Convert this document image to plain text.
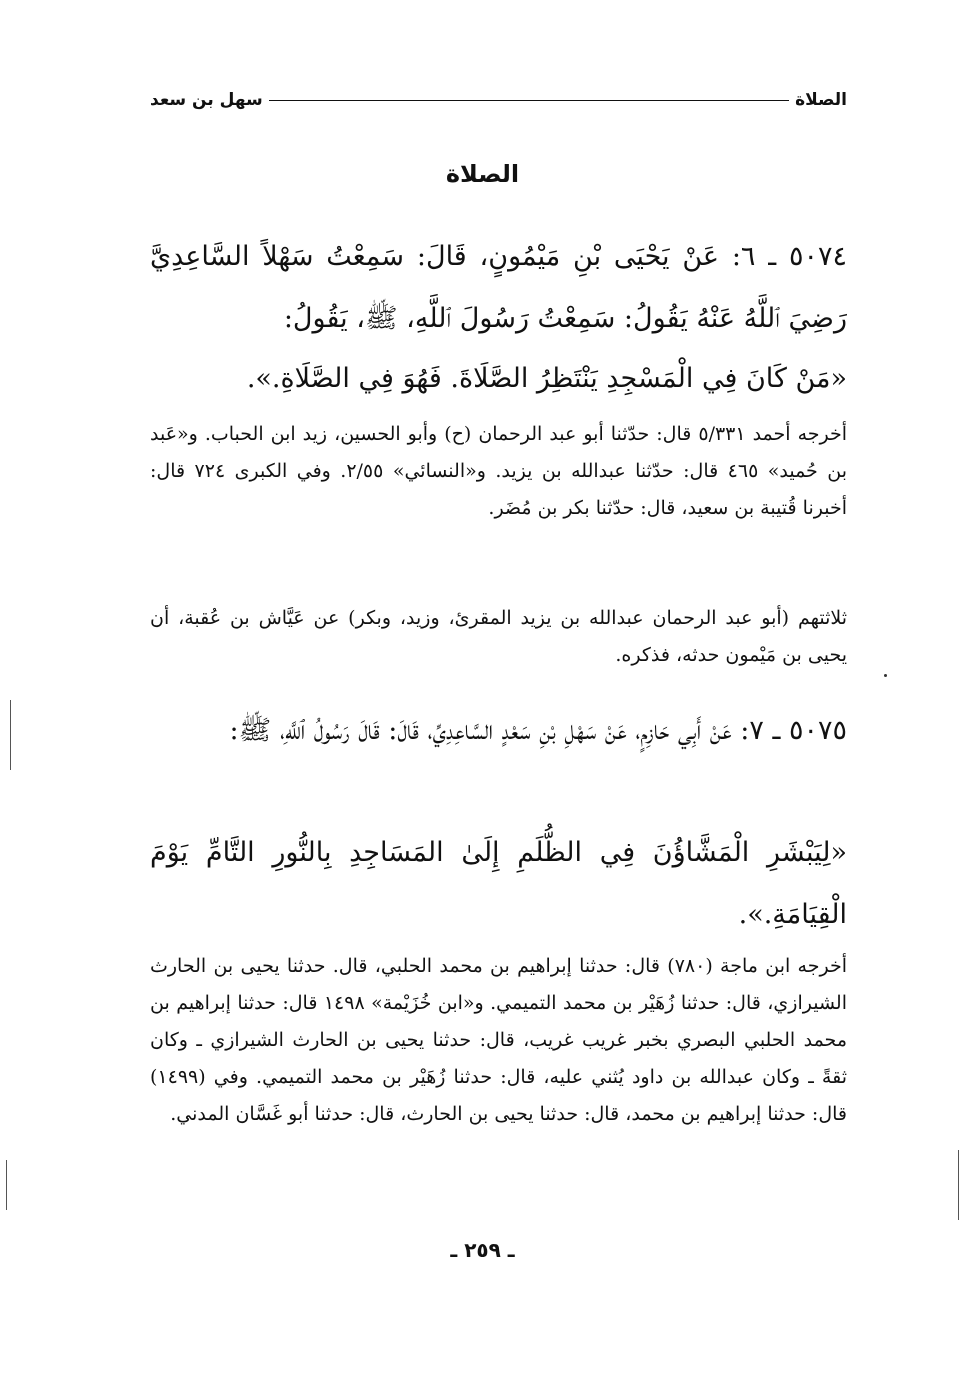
الصلاة
سهل بن سعد
الصلاة
٥٠٧٤ ـ ٦: عَنْ يَحْيَى بْنِ مَيْمُونٍ، قَالَ: سَمِعْتُ سَهْلاً السَّاعِدِيَّ رَضِيَ ٱللَّهُ عَنْهُ يَقُولُ: سَمِعْتُ رَسُولَ ٱللَّهِ، ﷺ، يَقُولُ:
«مَنْ كَانَ فِي الْمَسْجِدِ يَنْتَظِرُ الصَّلَاةَ. فَهُوَ فِي الصَّلَاةِ.».
أخرجه أحمد ٥/٣٣١ قال: حدّثنا أبو عبد الرحمان (ح) وأبو الحسين، زيد ابن الحباب. و«عَبد بن حُميد» ٤٦٥ قال: حدّثنا عبدالله بن يزيد. و«النسائي» ٢/٥٥. وفي الكبرى ٧٢٤ قال: أخبرنا قُتيبة بن سعيد، قال: حدّثنا بكر بن مُضَر.
ثلاثتهم (أبو عبد الرحمان عبدالله بن يزيد المقرئ، وزيد، وبكر) عن عَيَّاش بن عُقبة، أن يحيى بن مَيْمون حدثه، فذكره.
٥٠٧٥ ـ ٧: عَنْ أَبِي حَازِمٍ، عَنْ سَهْلِ بْنِ سَعْدٍ السَّاعِدِيِّ، قَالَ: قَالَ رَسُولُ ٱللَّهِ، ﷺ:
«لِيَبْشَرِ الْمَشَّاؤُنَ فِي الظُّلَمِ إِلَىٰ المَسَاجِدِ بِالنُّورِ التَّامِّ يَوْمَ الْقِيَامَةِ.».
أخرجه ابن ماجة (٧٨٠) قال: حدثنا إبراهيم بن محمد الحلبي، قال. حدثنا يحيى بن الحارث الشيرازي، قال: حدثنا زُهَيْر بن محمد التميمي. و«ابن خُزَيْمة» ١٤٩٨ قال: حدثنا إبراهيم بن محمد الحلبي البصري بخبر غريب غريب، قال: حدثنا يحيى بن الحارث الشيرازي ـ وكان ثقةً ـ وكان عبدالله بن داود يُثني عليه، قال: حدثنا زُهَيْر بن محمد التميمي. وفي (١٤٩٩) قال: حدثنا إبراهيم بن محمد، قال: حدثنا يحيى بن الحارث، قال: حدثنا أبو غَسَّان المدني.
ـ ٢٥٩ ـ
